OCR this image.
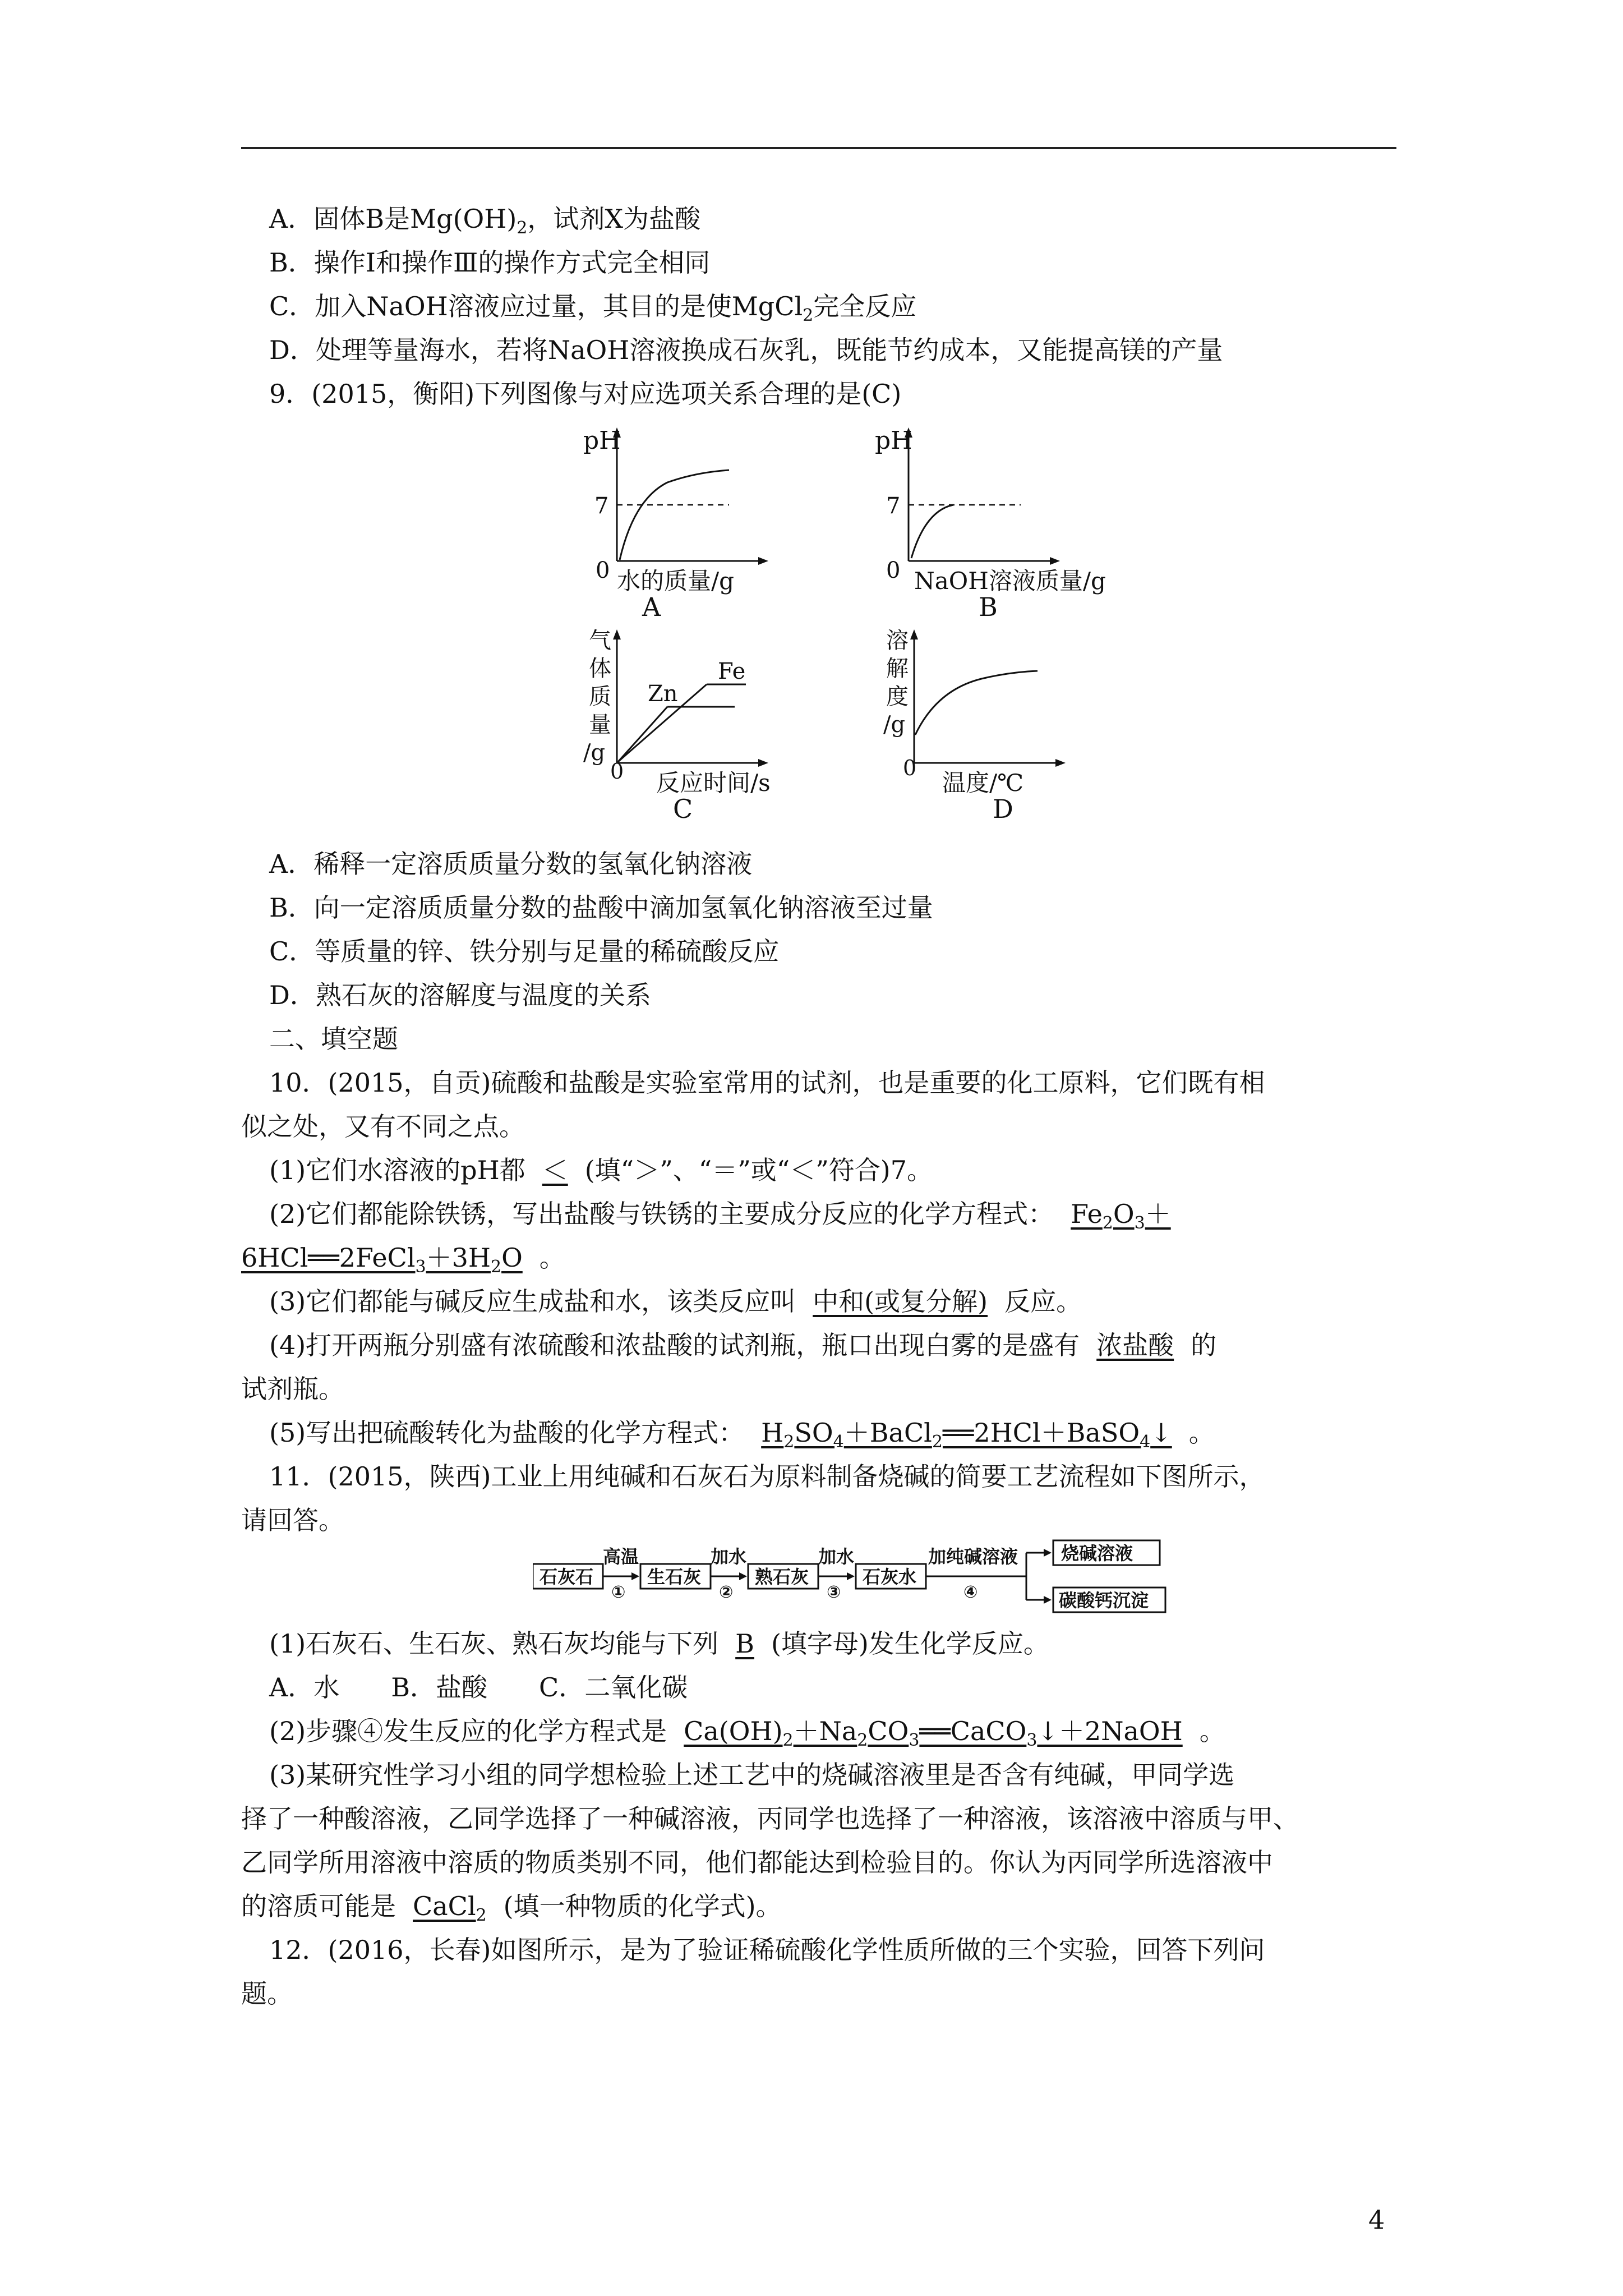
A．固体B是$Mg(OH)_2$，试剂X为盐酸
B．操作Ⅰ和操作Ⅲ的操作方式完全相同
C．加入NaOH溶液应过量，其目的是使MgCl$_2$完全反应
D．处理等量海水，若将NaOH溶液换成石灰乳，既能节约成本，又能提高镁的产量
9．(2015，衡阳)下列图像与对应选项关系合理的是(C)
pH
7
0 水的质量/g
A
pH
7
0 NaOH溶液质量/g
B
气
体
质
量
/g
0
Zn
Fe
反应时间/s
C
溶
解
度
/g
0
温度/℃
D
A．稀释一定溶质质量分数的氢氧化钠溶液
B．向一定溶质质量分数的盐酸中滴加氢氧化钠溶液至过量
C．等质量的锌、铁分别与足量的稀硫酸反应
D．熟石灰的溶解度与温度的关系
二、填空题
10．(2015，自贡)硫酸和盐酸是实验室常用的试剂，也是重要的化工原料，它们既有相
似之处，又有不同之点。
(1)它们水溶液的pH都 ＜ (填“＞”、“＝”或“＜”符合)7。
(2)它们都能除铁锈，写出盐酸与铁锈的主要成分反应的化学方程式： $Fe_2O_3+$
$6HCl══2FeCl_3+3H_2O$ 。
(3)它们都能与碱反应生成盐和水，该类反应叫 中和(或复分解) 反应。
(4)打开两瓶分别盛有浓硫酸和浓盐酸的试剂瓶，瓶口出现白雾的是盛有 浓盐酸 的
试剂瓶。
(5)写出把硫酸转化为盐酸的化学方程式： $H_2SO_4+BaCl_2══2HCl+BaSO_4↓$ 。
11．(2015，陕西)工业上用纯碱和石灰石为原料制备烧碱的简要工艺流程如下图所示，
请回答。
石灰石
高温
①
生石灰
加水
②
熟石灰
加水
③
石灰水
加纯碱溶液
④
烧碱溶液
碳酸钙沉淀
(1)石灰石、生石灰、熟石灰均能与下列 B (填字母)发生化学反应。
A．水　　B．盐酸　　C．二氧化碳
(2)步骤④发生反应的化学方程式是 $Ca(OH)_2+Na_2CO_3══CaCO_3↓+2NaOH$ 。
(3)某研究性学习小组的同学想检验上述工艺中的烧碱溶液里是否含有纯碱，甲同学选
择了一种酸溶液，乙同学选择了一种碱溶液，丙同学也选择了一种溶液，该溶液中溶质与甲、
乙同学所用溶液中溶质的物质类别不同，他们都能达到检验目的。你认为丙同学所选溶液中
的溶质可能是 CaCl$_2$ (填一种物质的化学式)。
12．(2016，长春)如图所示，是为了验证稀硫酸化学性质所做的三个实验，回答下列问
题。
4
